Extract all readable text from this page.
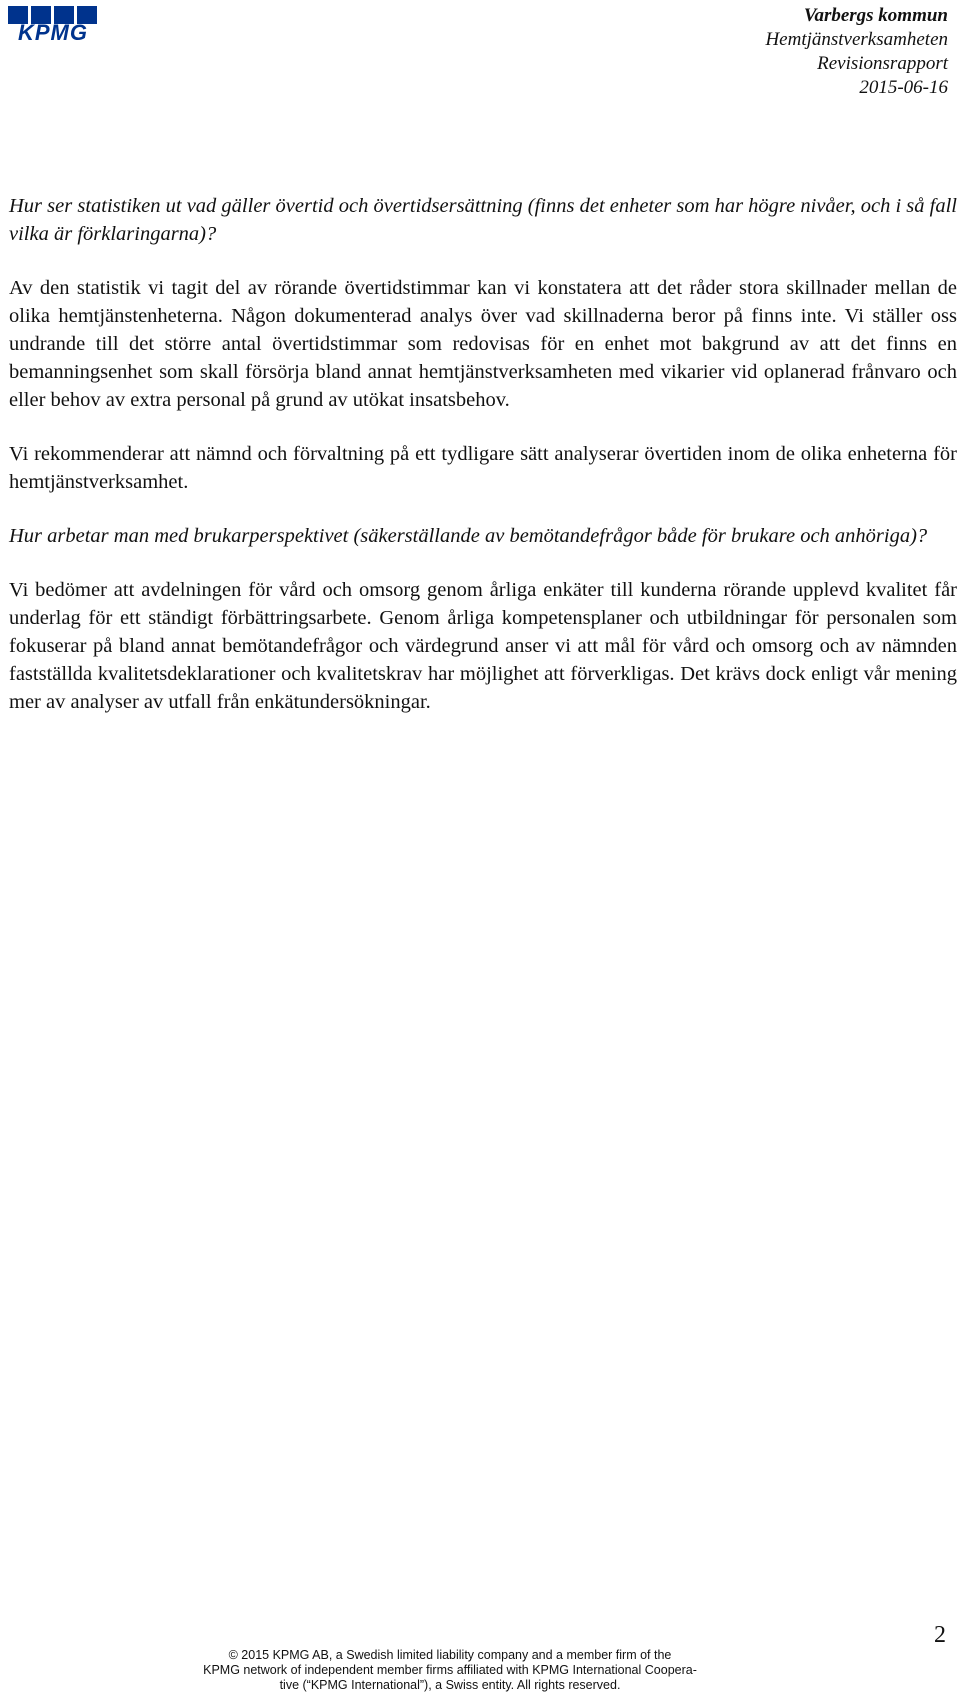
KPMG
Varbergs kommun
Hemtjänstverksamheten
Revisionsrapport
2015-06-16

Hur ser statistiken ut vad gäller övertid och övertidsersättning (finns det enheter som har högre nivåer, och i så fall vilka är förklaringarna)?

Av den statistik vi tagit del av rörande övertidstimmar kan vi konstatera att det råder stora skillnader mellan de olika hemtjänstenheterna. Någon dokumenterad analys över vad skillnaderna beror på finns inte. Vi ställer oss undrande till det större antal övertidstimmar som redovisas för en enhet mot bakgrund av att det finns en bemanningsenhet som skall försörja bland annat hemtjänstverksamheten med vikarier vid oplanerad frånvaro och eller behov av extra personal på grund av utökat insatsbehov.

Vi rekommenderar att nämnd och förvaltning på ett tydligare sätt analyserar övertiden inom de olika enheterna för hemtjänstverksamhet.

Hur arbetar man med brukarperspektivet (säkerställande av bemötandefrågor både för brukare och anhöriga)?

Vi bedömer att avdelningen för vård och omsorg genom årliga enkäter till kunderna rörande upplevd kvalitet får underlag för ett ständigt förbättringsarbete. Genom årliga kompetensplaner och utbildningar för personalen som fokuserar på bland annat bemötandefrågor och värdegrund anser vi att mål för vård och omsorg och av nämnden fastställda kvalitetsdeklarationer och kvalitetskrav har möjlighet att förverkligas. Det krävs dock enligt vår mening mer av analyser av utfall från enkätundersökningar.

2
© 2015 KPMG AB, a Swedish limited liability company and a member firm of the
KPMG network of independent member firms affiliated with KPMG International Coopera-
tive (“KPMG International”), a Swiss entity. All rights reserved.
